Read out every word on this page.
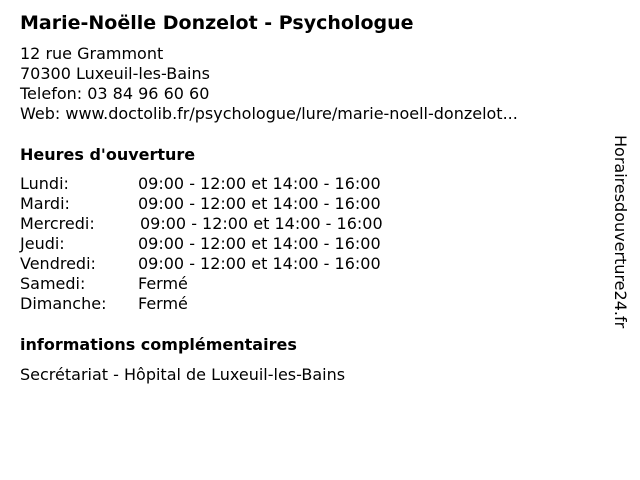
Marie-Noëlle Donzelot - Psychologue
12 rue Grammont
70300 Luxeuil-les-Bains
Telefon: 03 84 96 60 60
Web: www.doctolib.fr/psychologue/lure/marie-noell-donzelot...
Heures d'ouverture
Lundi:	09:00 - 12:00 et 14:00 - 16:00
Mardi:	09:00 - 12:00 et 14:00 - 16:00
Mercredi:	09:00 - 12:00 et 14:00 - 16:00
Jeudi:	09:00 - 12:00 et 14:00 - 16:00
Vendredi:	09:00 - 12:00 et 14:00 - 16:00
Samedi:	Fermé
Dimanche:	Fermé
informations complémentaires
Secrétariat - Hôpital de Luxeuil-les-Bains
Horairesdouverture24.fr
